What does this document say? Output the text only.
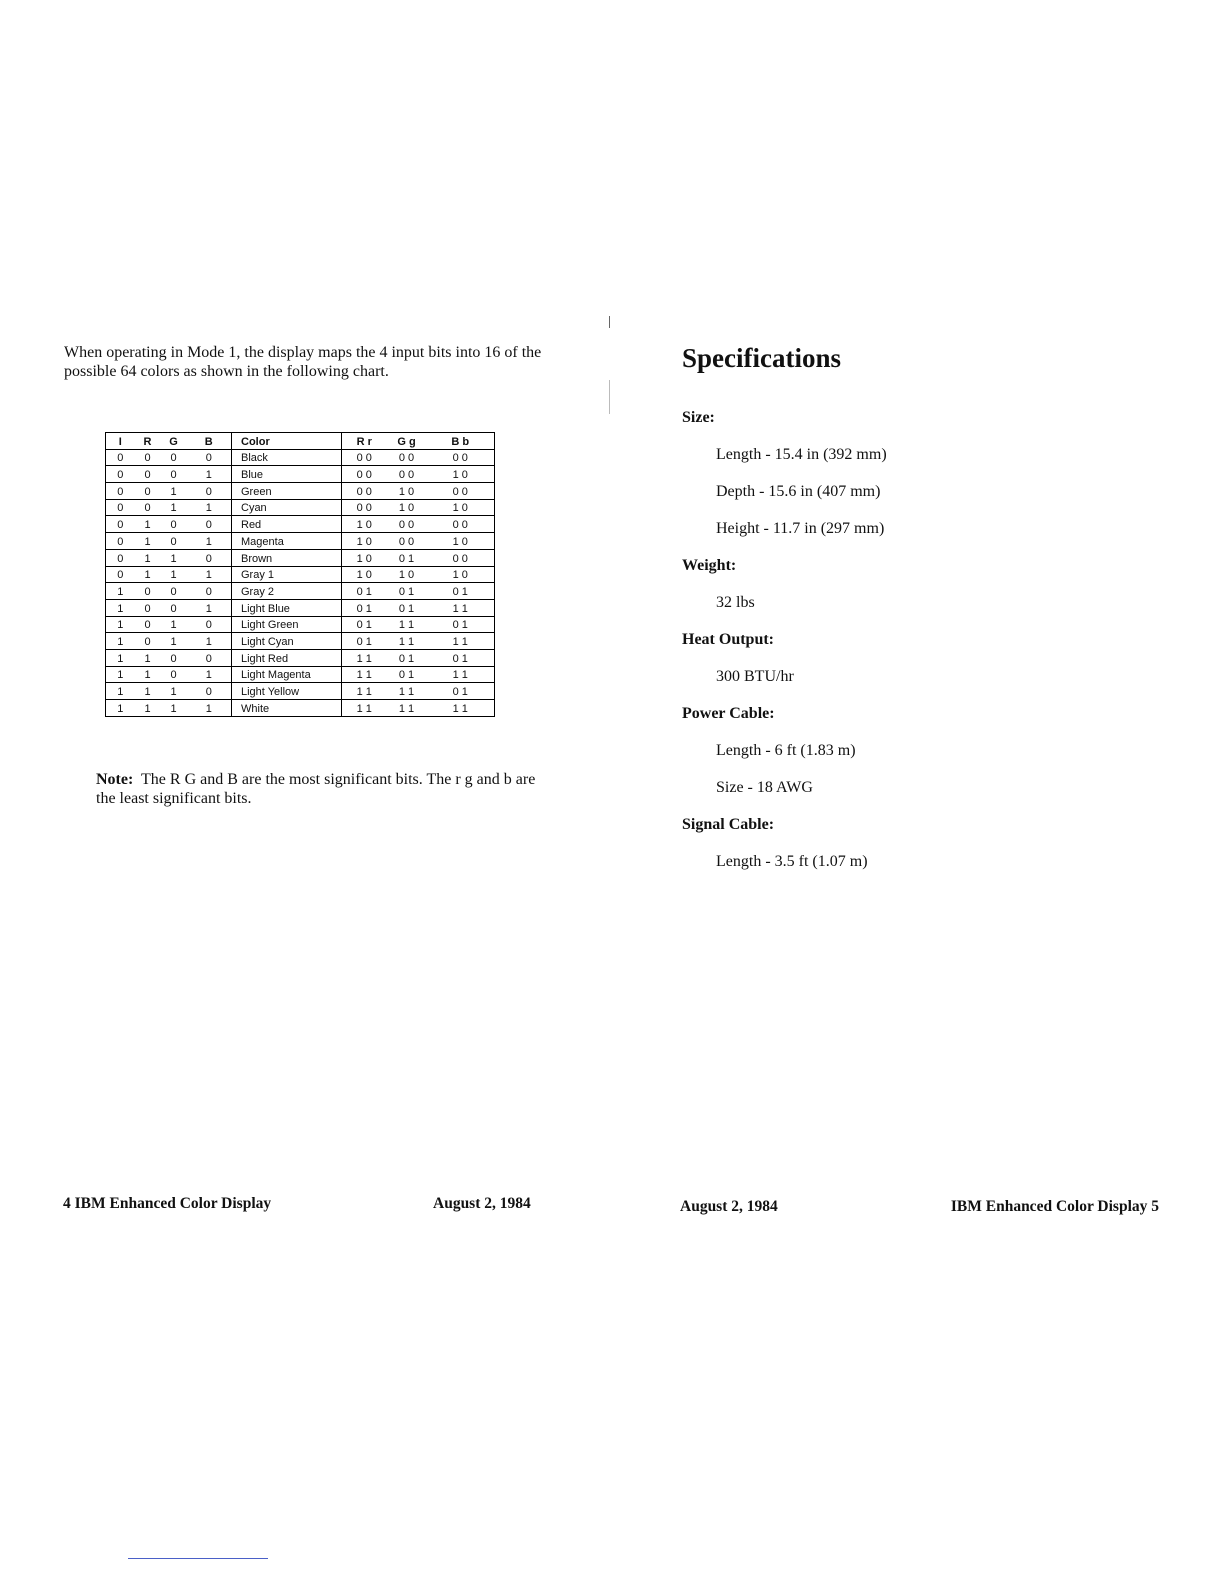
When operating in Mode 1, the display maps the 4 input bits into 16 of the possible 64 colors as shown in the following chart.

I	R	G	B	Color	R r	G g	B b
0	0	0	0	Black	0 0	0 0	0 0
0	0	0	1	Blue	0 0	0 0	1 0
0	0	1	0	Green	0 0	1 0	0 0
0	0	1	1	Cyan	0 0	1 0	1 0
0	1	0	0	Red	1 0	0 0	0 0
0	1	0	1	Magenta	1 0	0 0	1 0
0	1	1	0	Brown	1 0	0 1	0 0
0	1	1	1	Gray 1	1 0	1 0	1 0
1	0	0	0	Gray 2	0 1	0 1	0 1
1	0	0	1	Light Blue	0 1	0 1	1 1
1	0	1	0	Light Green	0 1	1 1	0 1
1	0	1	1	Light Cyan	0 1	1 1	1 1
1	1	0	0	Light Red	1 1	0 1	0 1
1	1	0	1	Light Magenta	1 1	0 1	1 1
1	1	1	0	Light Yellow	1 1	1 1	0 1
1	1	1	1	White	1 1	1 1	1 1

Note: The R G and B are the most significant bits. The r g and b are the least significant bits.

Specifications

Size:

Length - 15.4 in (392 mm)

Depth - 15.6 in (407 mm)

Height - 11.7 in (297 mm)

Weight:

32 lbs

Heat Output:

300 BTU/hr

Power Cable:

Length - 6 ft (1.83 m)

Size - 18 AWG

Signal Cable:

Length - 3.5 ft (1.07 m)

4 IBM Enhanced Color Display	August 2, 1984	August 2, 1984	IBM Enhanced Color Display 5
